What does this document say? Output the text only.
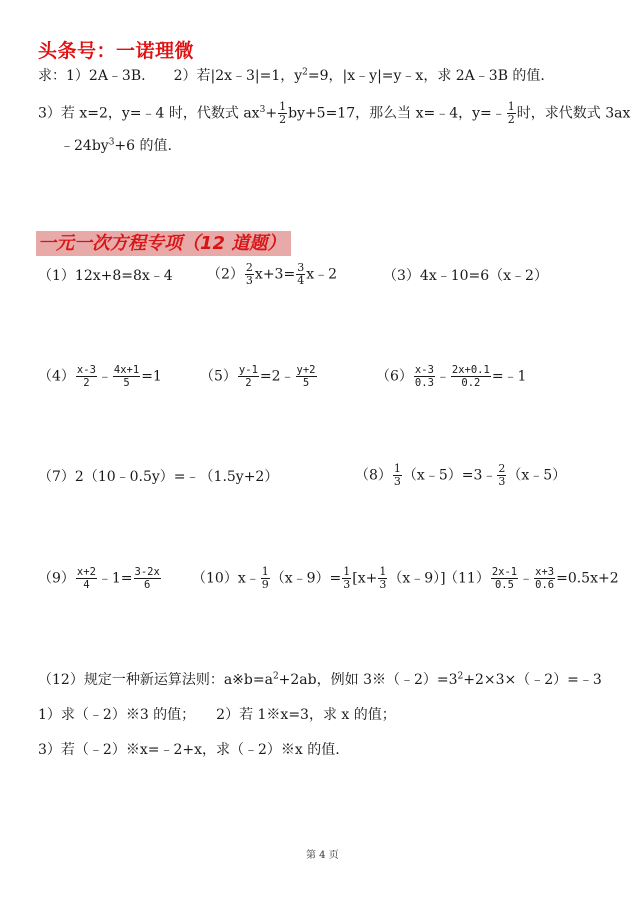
头条号：一诺理微
求：1）2A﹣3B.　　2）若|2x﹣3|=1，$y^2=9$，|x﹣y|=y﹣x，求 2A﹣3B 的值.
3）若 x=2，y=﹣4 时，代数式 $ax^3+ \frac{1}{2} by+5=17$，那么当 x=﹣4，y=﹣ $\frac{1}{2}$ 时，求代数式 3ax
$﹣24by^3+6$ 的值.
一元一次方程专项（12 道题）
（1）12x+8=8x﹣4 $(2) \frac{2}{3} x+3= \frac{3}{4}$ x﹣2	（3）4x﹣10=6（x﹣2）
$(4) \frac{x-3}{2}$ ﹣ $\frac{4x+1}{5} =1$	$(5) \frac{y-1}{2}$ =2﹣ $\frac{y+2}{5}$	$(6) \frac{x-3}{0.3}$ ﹣ $\frac{2x+0.1}{0.2}$ =﹣1
（7）2（10﹣0.5y）=﹣（1.5y+2）	$(8) \frac{1}{3}$ （x﹣5）=3﹣ $\frac{2}{3}$ （x﹣5）
$(9) \frac{x+2}{4}$ ﹣1= $\frac{3-2x}{6}$ （10）x﹣ $\frac{1}{9}$ （x﹣9）= $\frac{1}{3} [x+ \frac{1}{3}$ （x﹣9）]
$(11) \frac{2x-1}{0.5}$ ﹣ $\frac{x+3}{0.6} =0.5x+2$
（12）规定一种新运算法则：$a※b=a^2+2ab$，例如 $3※(﹣2)=3^2+2\times 3\times(﹣2)=﹣3$
1）求（﹣2）※3 的值；　　2）若 1※x=3，求 x 的值；
3）若（﹣2）※x=﹣2+x，求（﹣2）※x 的值.
第 4 页
